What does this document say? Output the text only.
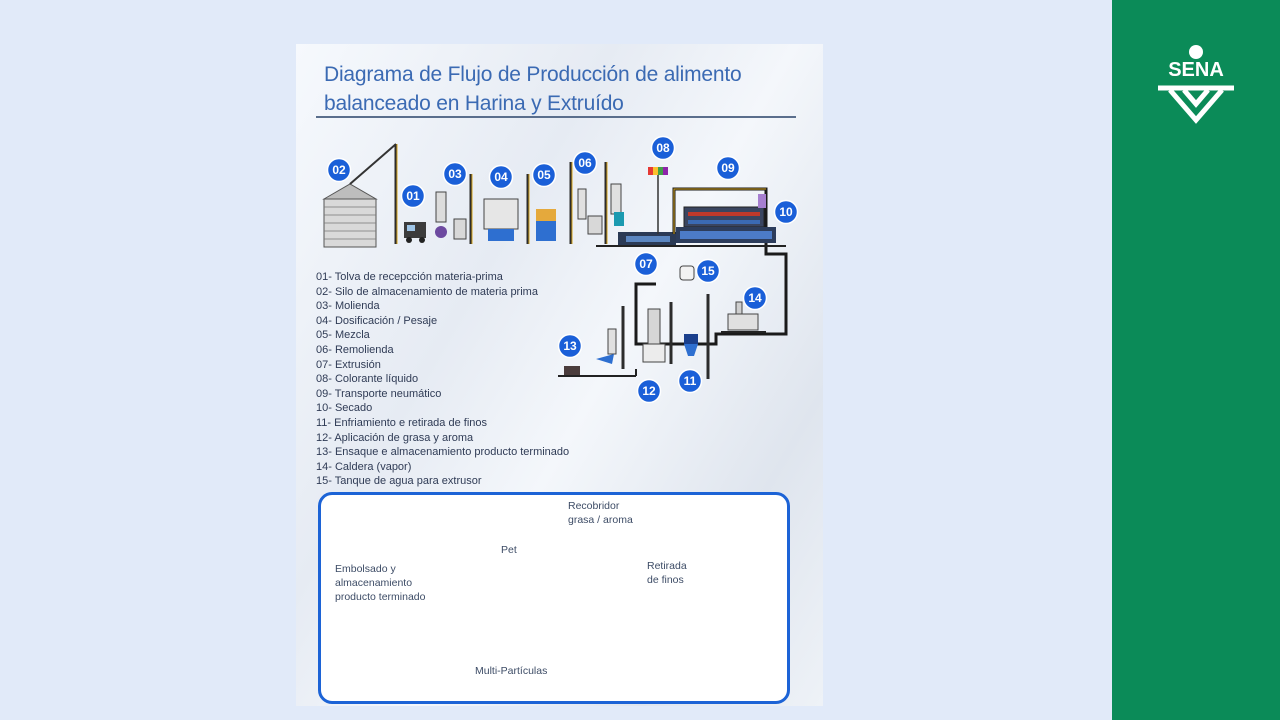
Diagrama de Flujo de Producción de alimento
balanceado en Harina y Extruído
01
02	03	04 05
06
07
08
09
10
11
12
13
14
15
01- Tolva de recepcción materia-prima
02- Silo de almacenamiento de materia prima
03- Molienda
04- Dosificación / Pesaje
05- Mezcla
06- Remolienda
07- Extrusión
08- Colorante líquido
09- Transporte neumático
10- Secado
11- Enfriamiento e retirada de finos
12- Aplicación de grasa y aroma
13- Ensaque e almacenamiento producto terminado
14- Caldera (vapor)
15- Tanque de agua para extrusor
Embolsado y
almacenamiento
producto terminado
Pet
Recobridor
grasa / aroma
Retirada
de finos
Multi-Partículas
SENA
